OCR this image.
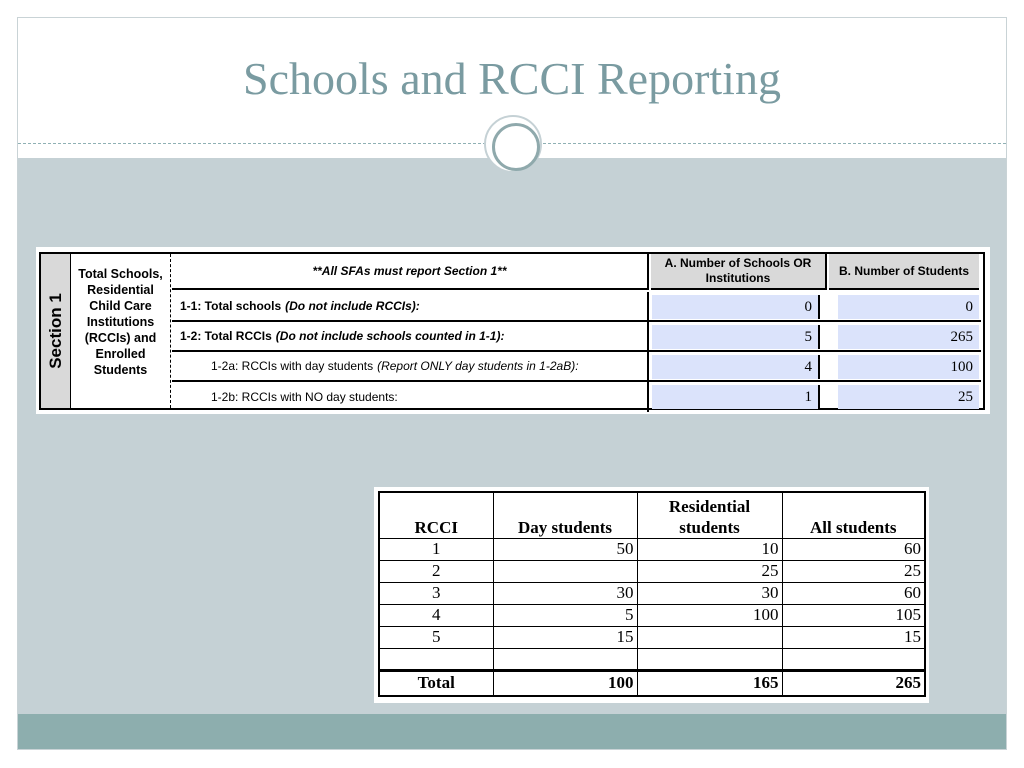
Schools and RCCI Reporting
Section 1
Total Schools, Residential Child Care Institutions (RCCIs) and Enrolled Students
**All SFAs must report Section 1**
A. Number of Schools OR Institutions
B. Number of Students
1-1: Total schools (Do not include RCCIs):	0	0
1-2: Total RCCIs (Do not include schools counted in 1-1):	5	265
1-2a: RCCIs with day students (Report ONLY day students in 1-2aB):	4	100
1-2b: RCCIs with NO day students:	1	25
RCCI	Day students	Residential students	All students
1	50	10	60
2		25	25
3	30	30	60
4	5	100	105
5	15		15

Total	100	165	265
